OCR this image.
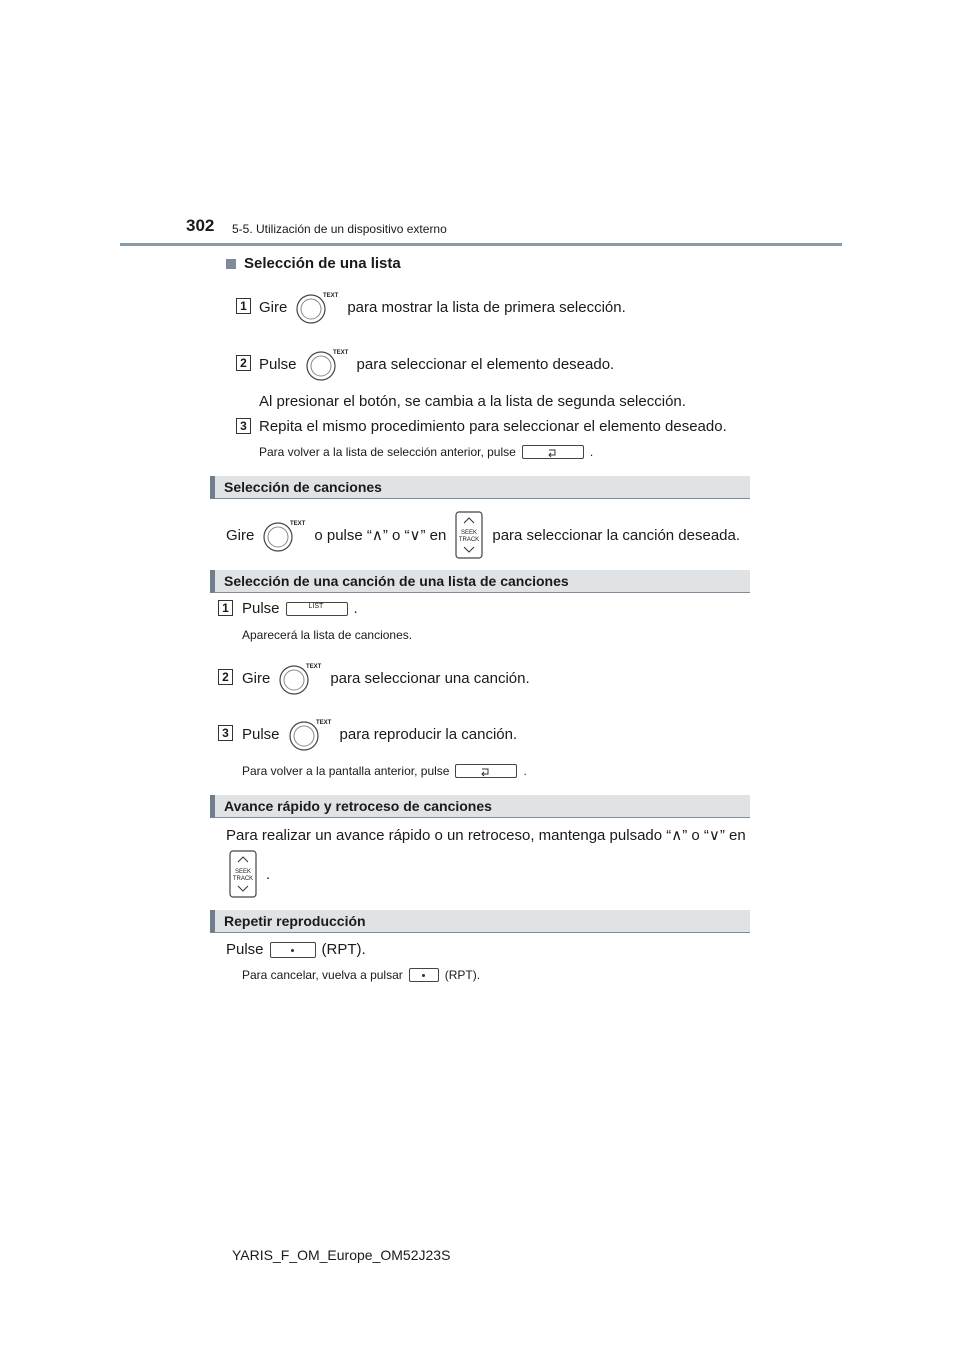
302 5-5. Utilización de un dispositivo externo
Selección de una lista
1 Gire
TEXT
para mostrar la lista de primera selección.
2 Pulse
TEXT
para seleccionar el elemento deseado.
Al presionar el botón, se cambia a la lista de segunda selección.
3 Repita el mismo procedimiento para seleccionar el elemento deseado.
Para volver a la lista de selección anterior, pulse	.
Selección de canciones
Gire
TEXT
o pulse “∧” o “∨” en SEEK
TRACK para seleccionar la canción deseada.
Selección de una canción de una lista de canciones
1 Pulse	LIST .
Aparecerá la lista de canciones.
2 Gire
TEXT
para seleccionar una canción.
3 Pulse
TEXT
para reproducir la canción.
Para volver a la pantalla anterior, pulse	.
Avance rápido y retroceso de canciones
Para realizar un avance rápido o un retroceso, mantenga pulsado “∧” o “∨” en
SEEK
TRACK .
Repetir reproducción
Pulse	(RPT).
Para cancelar, vuelva a pulsar	(RPT).
YARIS_F_OM_Europe_OM52J23S
